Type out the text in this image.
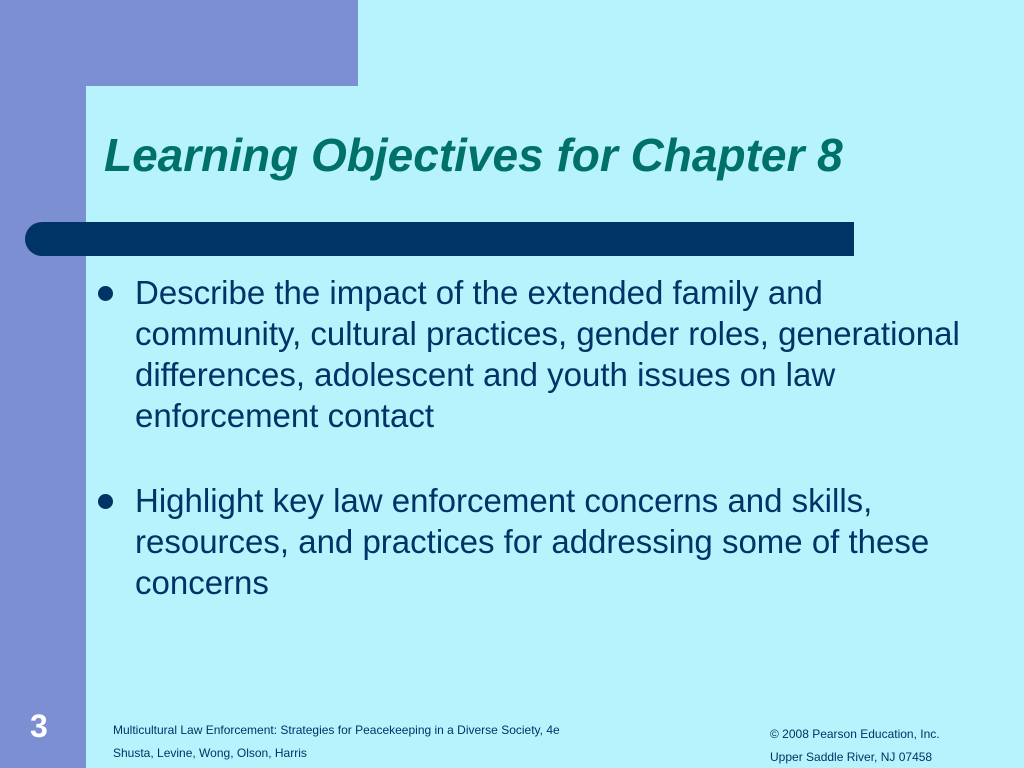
Learning Objectives for Chapter 8
Describe the impact of the extended family and community, cultural practices, gender roles, generational differences, adolescent and youth issues on law enforcement contact
Highlight key law enforcement concerns and skills, resources, and practices for addressing some of these concerns
3	Multicultural Law Enforcement: Strategies for Peacekeeping in a Diverse Society, 4e
Shusta, Levine, Wong, Olson, Harris
© 2008 Pearson Education, Inc.
Upper Saddle River, NJ 07458
